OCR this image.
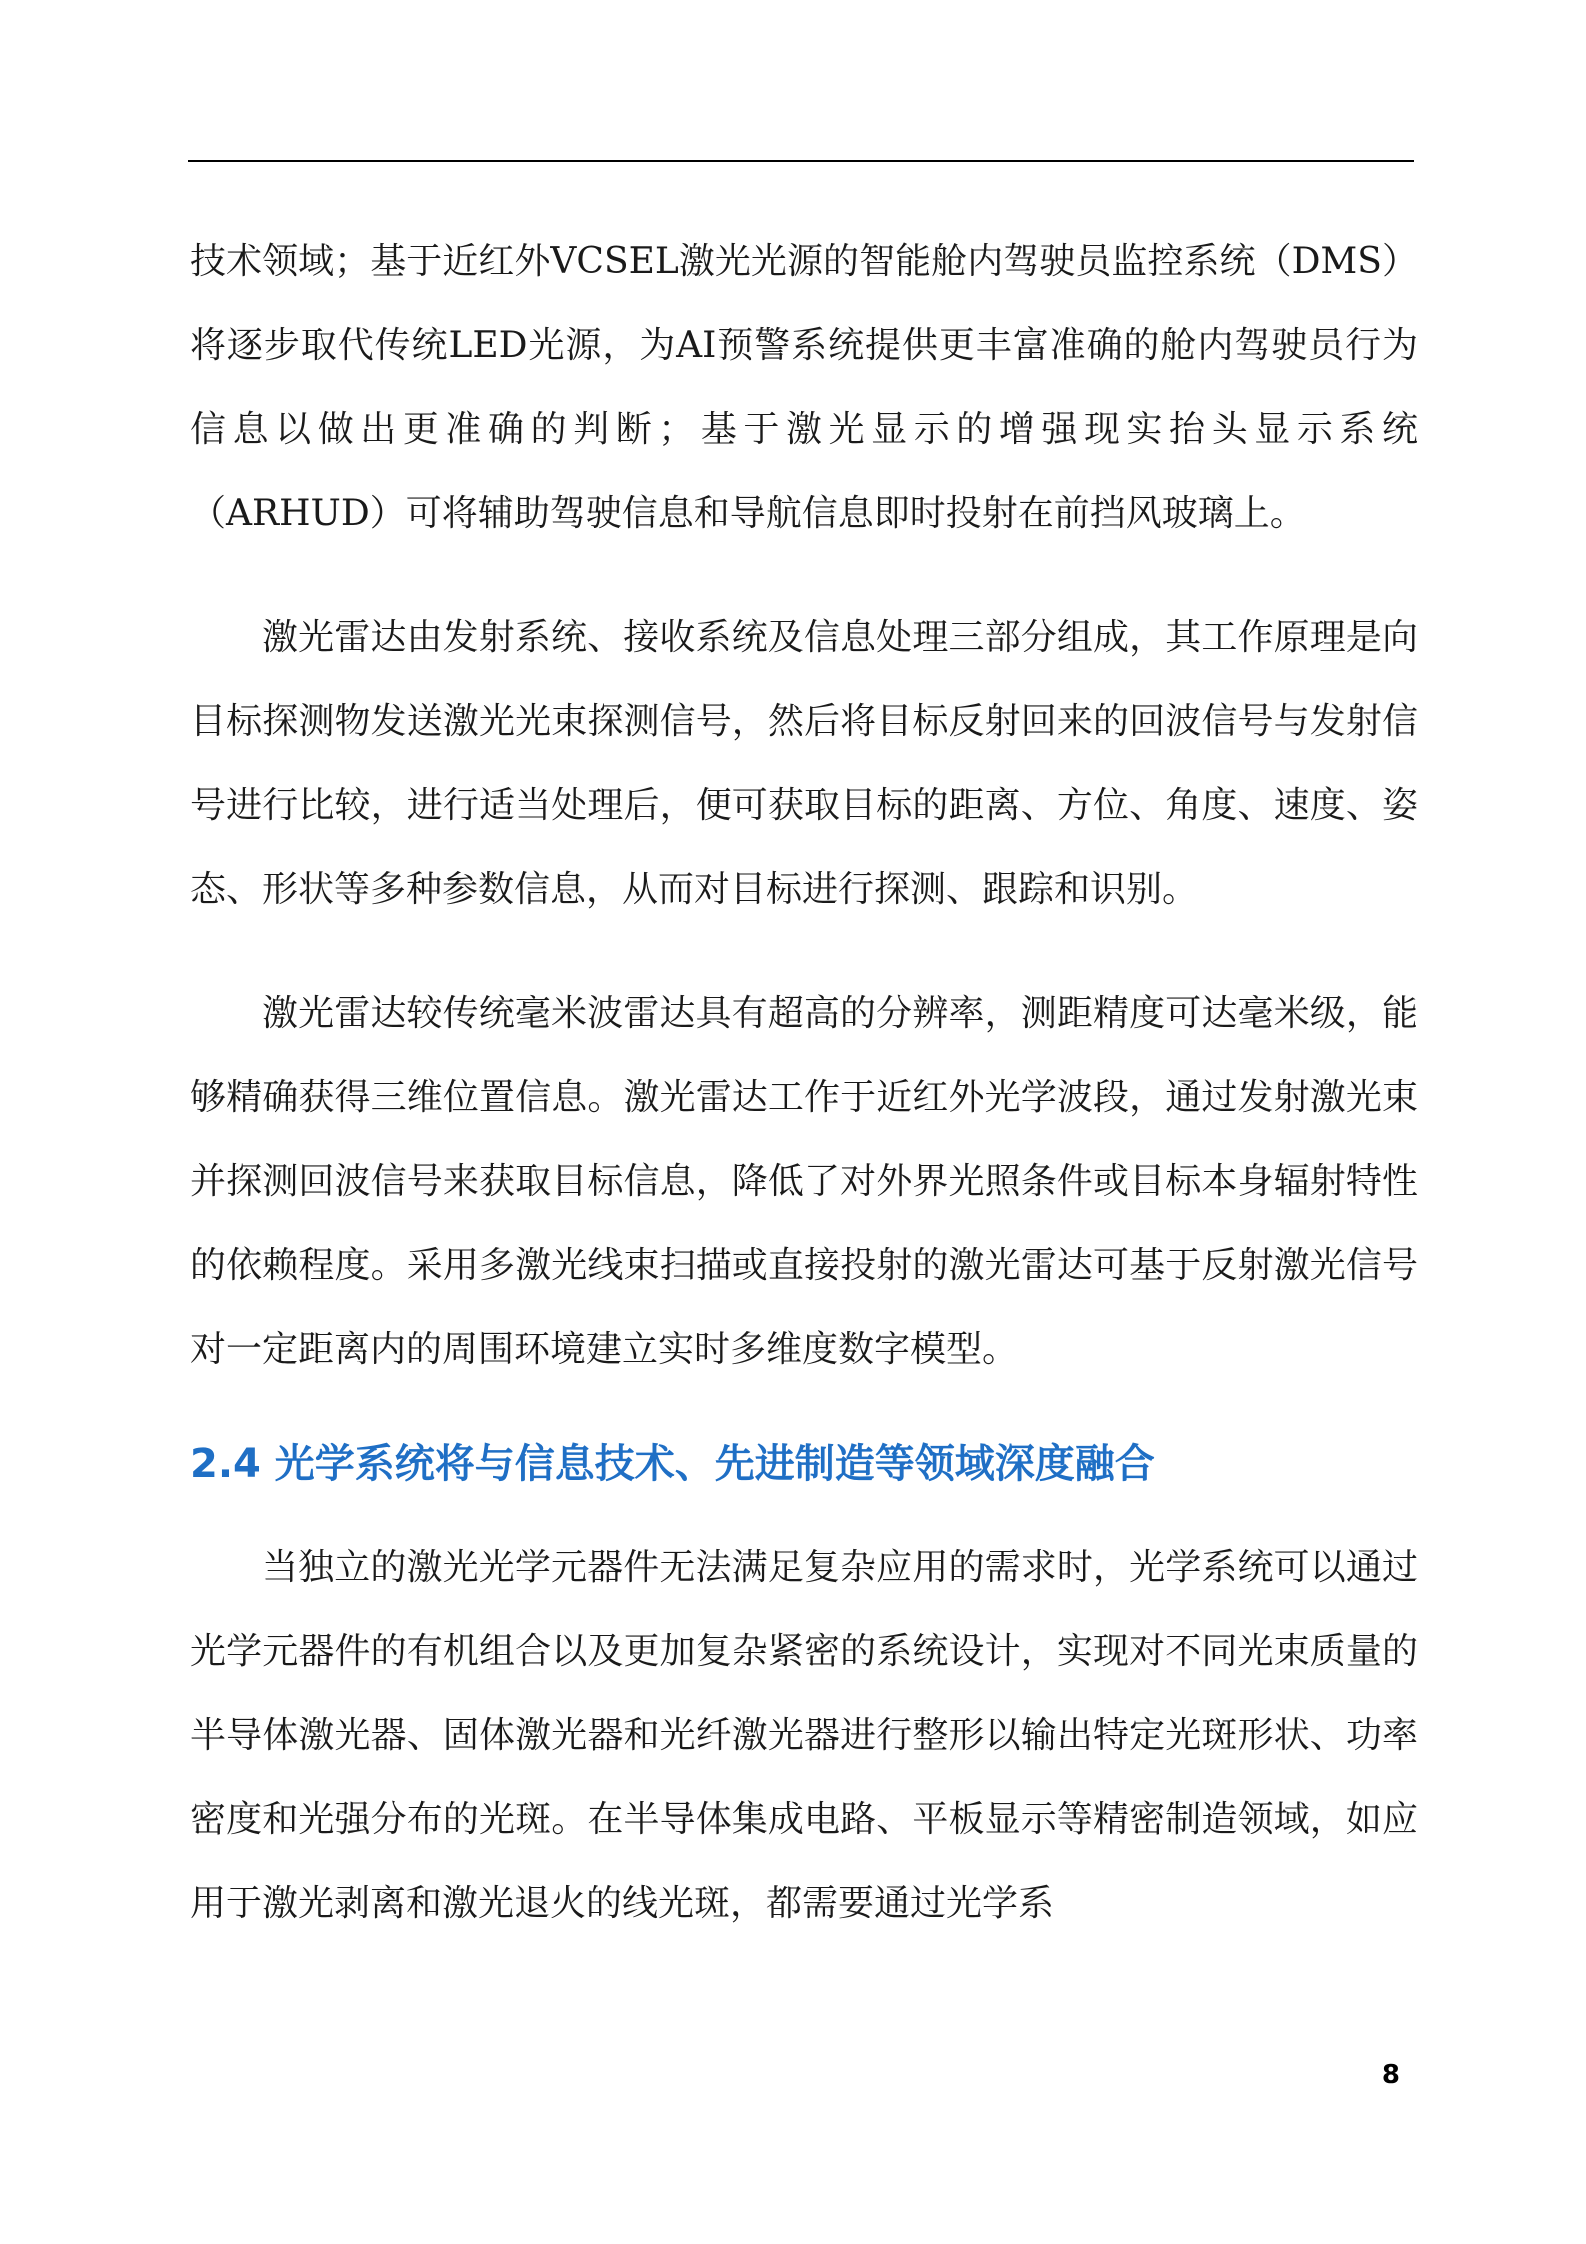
技术领域；基于近红外VCSEL激光光源的智能舱内驾驶员监控系统（DMS）将逐步取代传统LED光源，为AI预警系统提供更丰富准确的舱内驾驶员行为信息以做出更准确的判断；基于激光显示的增强现实抬头显示系统（ARHUD）可将辅助驾驶信息和导航信息即时投射在前挡风玻璃上。

激光雷达由发射系统、接收系统及信息处理三部分组成，其工作原理是向目标探测物发送激光光束探测信号，然后将目标反射回来的回波信号与发射信号进行比较，进行适当处理后，便可获取目标的距离、方位、角度、速度、姿态、形状等多种参数信息，从而对目标进行探测、跟踪和识别。

激光雷达较传统毫米波雷达具有超高的分辨率，测距精度可达毫米级，能够精确获得三维位置信息。激光雷达工作于近红外光学波段，通过发射激光束并探测回波信号来获取目标信息，降低了对外界光照条件或目标本身辐射特性的依赖程度。采用多激光线束扫描或直接投射的激光雷达可基于反射激光信号对一定距离内的周围环境建立实时多维度数字模型。

2.4 光学系统将与信息技术、先进制造等领域深度融合

当独立的激光光学元器件无法满足复杂应用的需求时，光学系统可以通过光学元器件的有机组合以及更加复杂紧密的系统设计，实现对不同光束质量的半导体激光器、固体激光器和光纤激光器进行整形以输出特定光斑形状、功率密度和光强分布的光斑。在半导体集成电路、平板显示等精密制造领域，如应用于激光剥离和激光退火的线光斑，都需要通过光学系

8
